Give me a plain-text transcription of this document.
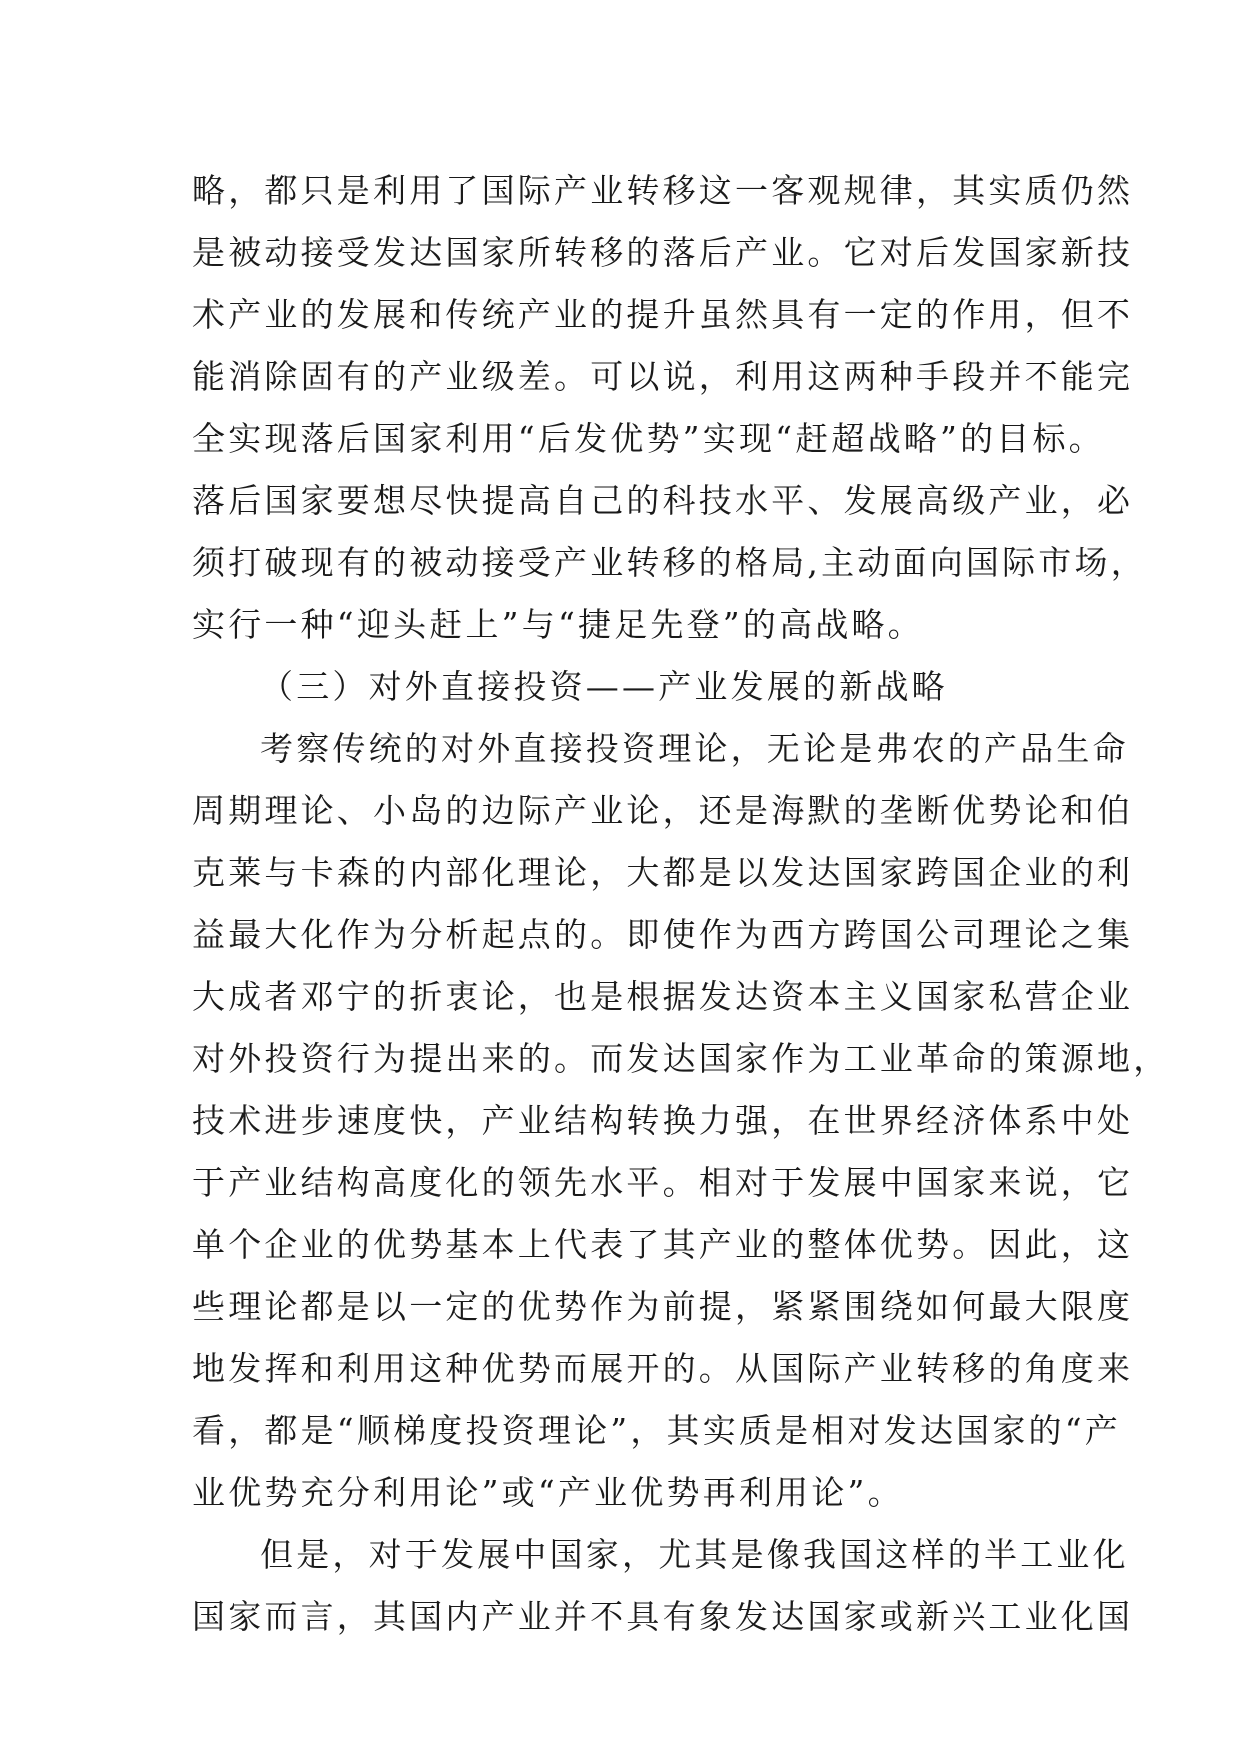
略，都只是利用了国际产业转移这一客观规律，其实质仍然
是被动接受发达国家所转移的落后产业。它对后发国家新技
术产业的发展和传统产业的提升虽然具有一定的作用，但不
能消除固有的产业级差。可以说，利用这两种手段并不能完
全实现落后国家利用“后发优势”实现“赶超战略”的目标。
落后国家要想尽快提高自己的科技水平、发展高级产业，必
须打破现有的被动接受产业转移的格局,主动面向国际市场，
实行一种“迎头赶上”与“捷足先登”的高战略。
（三）对外直接投资——产业发展的新战略
考察传统的对外直接投资理论，无论是弗农的产品生命
周期理论、小岛的边际产业论，还是海默的垄断优势论和伯
克莱与卡森的内部化理论，大都是以发达国家跨国企业的利
益最大化作为分析起点的。即使作为西方跨国公司理论之集
大成者邓宁的折衷论，也是根据发达资本主义国家私营企业
对外投资行为提出来的。而发达国家作为工业革命的策源地，
技术进步速度快，产业结构转换力强，在世界经济体系中处
于产业结构高度化的领先水平。相对于发展中国家来说，它
单个企业的优势基本上代表了其产业的整体优势。因此，这
些理论都是以一定的优势作为前提，紧紧围绕如何最大限度
地发挥和利用这种优势而展开的。从国际产业转移的角度来
看，都是“顺梯度投资理论”，其实质是相对发达国家的“产
业优势充分利用论”或“产业优势再利用论”。
但是，对于发展中国家，尤其是像我国这样的半工业化
国家而言，其国内产业并不具有象发达国家或新兴工业化国
